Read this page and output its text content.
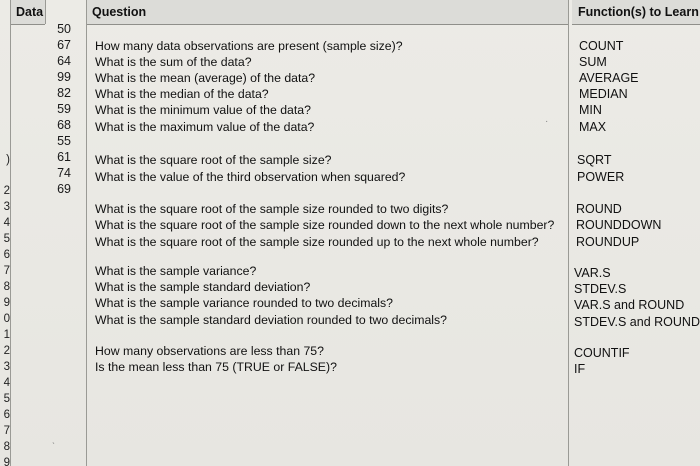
Data	Question	Function(s) to Learn
)
2
3
4
5
6
7
8
9
0
1
2
3
4
5
6
7
8
9
50
67
64
99
82
59
68
55
61
74
69
How many data observations are present (sample size)?
What is the sum of the data?
What is the mean (average) of the data?
What is the median of the data?
What is the minimum value of the data?
What is the maximum value of the data?
What is the square root of the sample size?
What is the value of the third observation when squared?
What is the square root of the sample size rounded to two digits?
What is the square root of the sample size rounded down to the next whole number?
What is the square root of the sample size rounded up to the next whole number?
What is the sample variance?
What is the sample standard deviation?
What is the sample variance rounded to two decimals?
What is the sample standard deviation rounded to two decimals?
How many observations are less than 75?
Is the mean less than 75 (TRUE or FALSE)?
COUNT
SUM
AVERAGE
MEDIAN
MIN
MAX
SQRT
POWER
ROUND
ROUNDDOWN
ROUNDUP
VAR.S
STDEV.S
VAR.S and ROUND
STDEV.S and ROUND
COUNTIF
IF
·
ˎ
